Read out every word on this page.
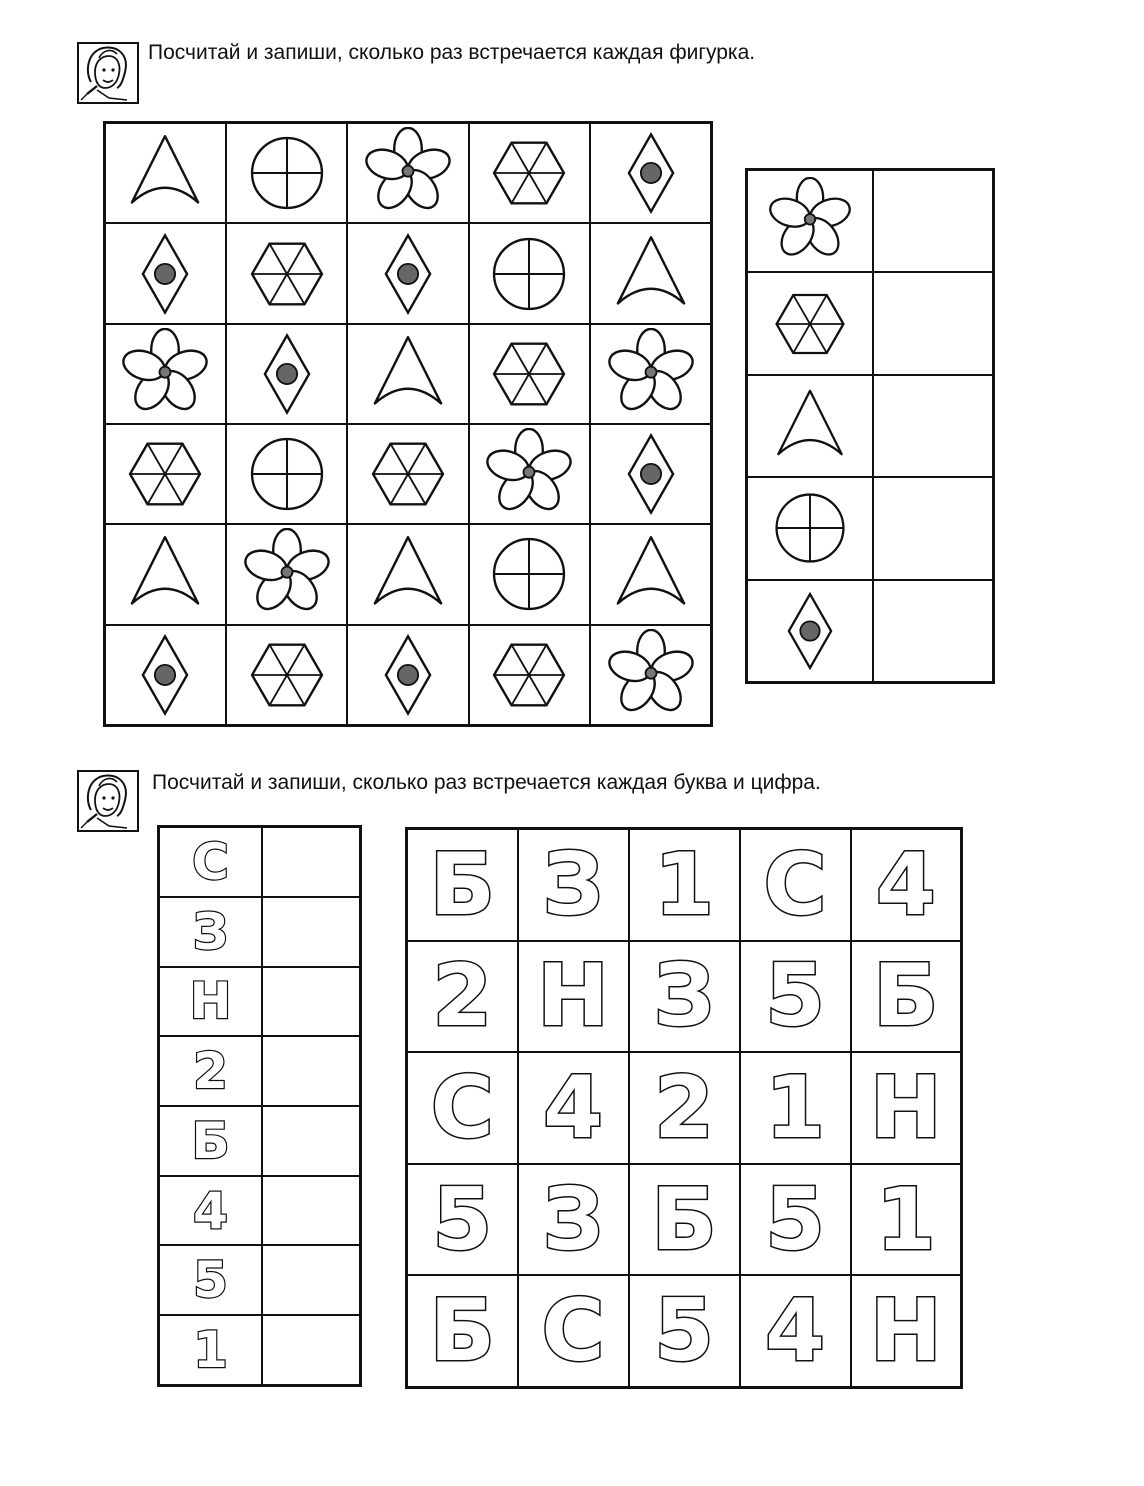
Посчитай и запиши, сколько раз встречается каждая фигурка.

Посчитай и запиши, сколько раз встречается каждая буква и цифра.
С	
З	
Н	
2	
Б	
4	
5	
1	
Б	З	1	С	4
2	Н	З	5	Б
С	4	2	1	Н
5	З	Б	5	1
Б	С	5	4	Н
